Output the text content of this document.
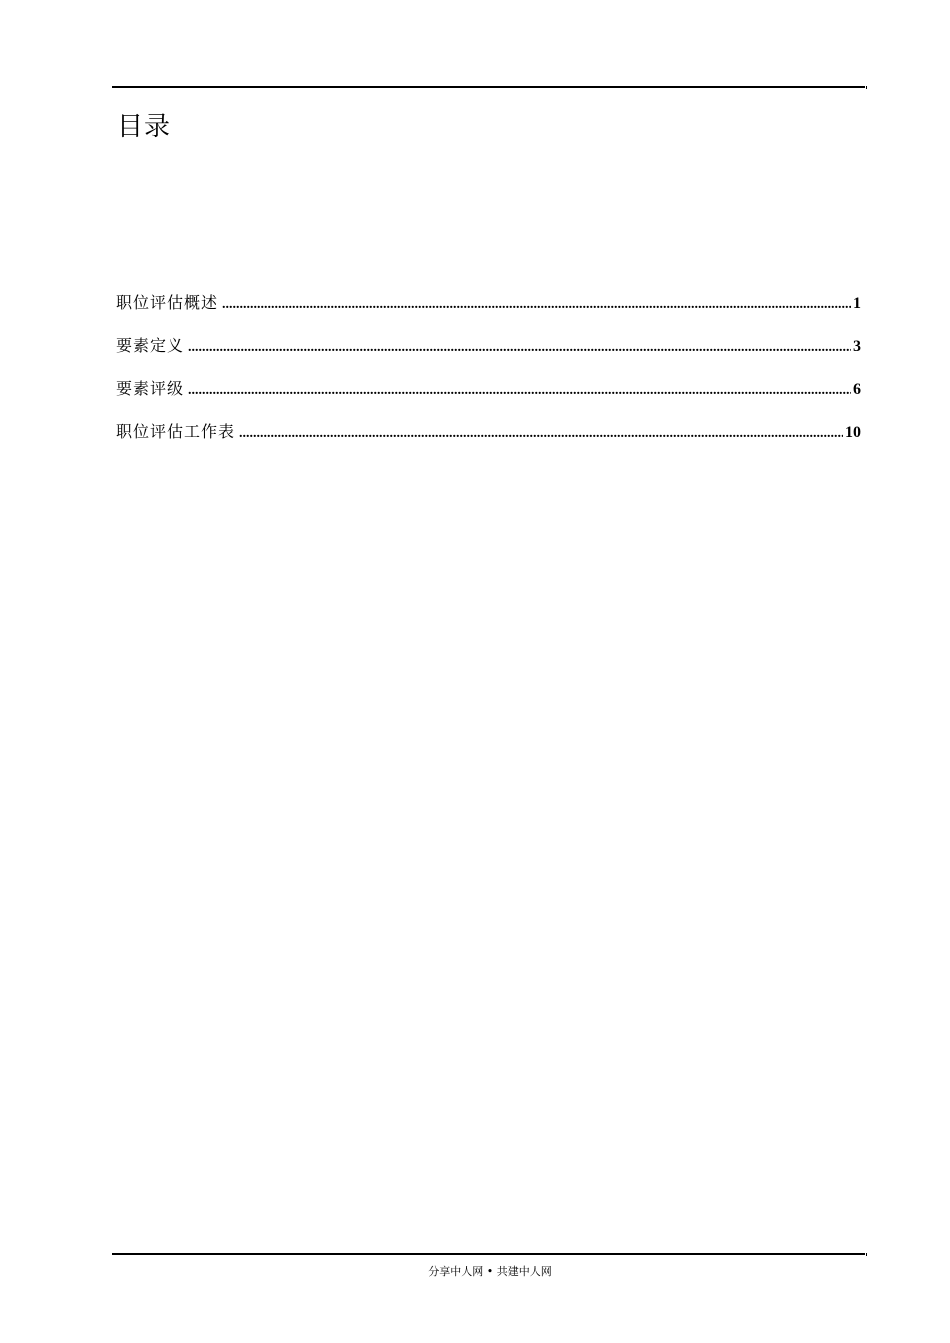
目录
职位评估概述 .....	1
要素定义 .....	3
要素评级 .....	6
职位评估工作表 .....	10
分享中人网 • 共建中人网
